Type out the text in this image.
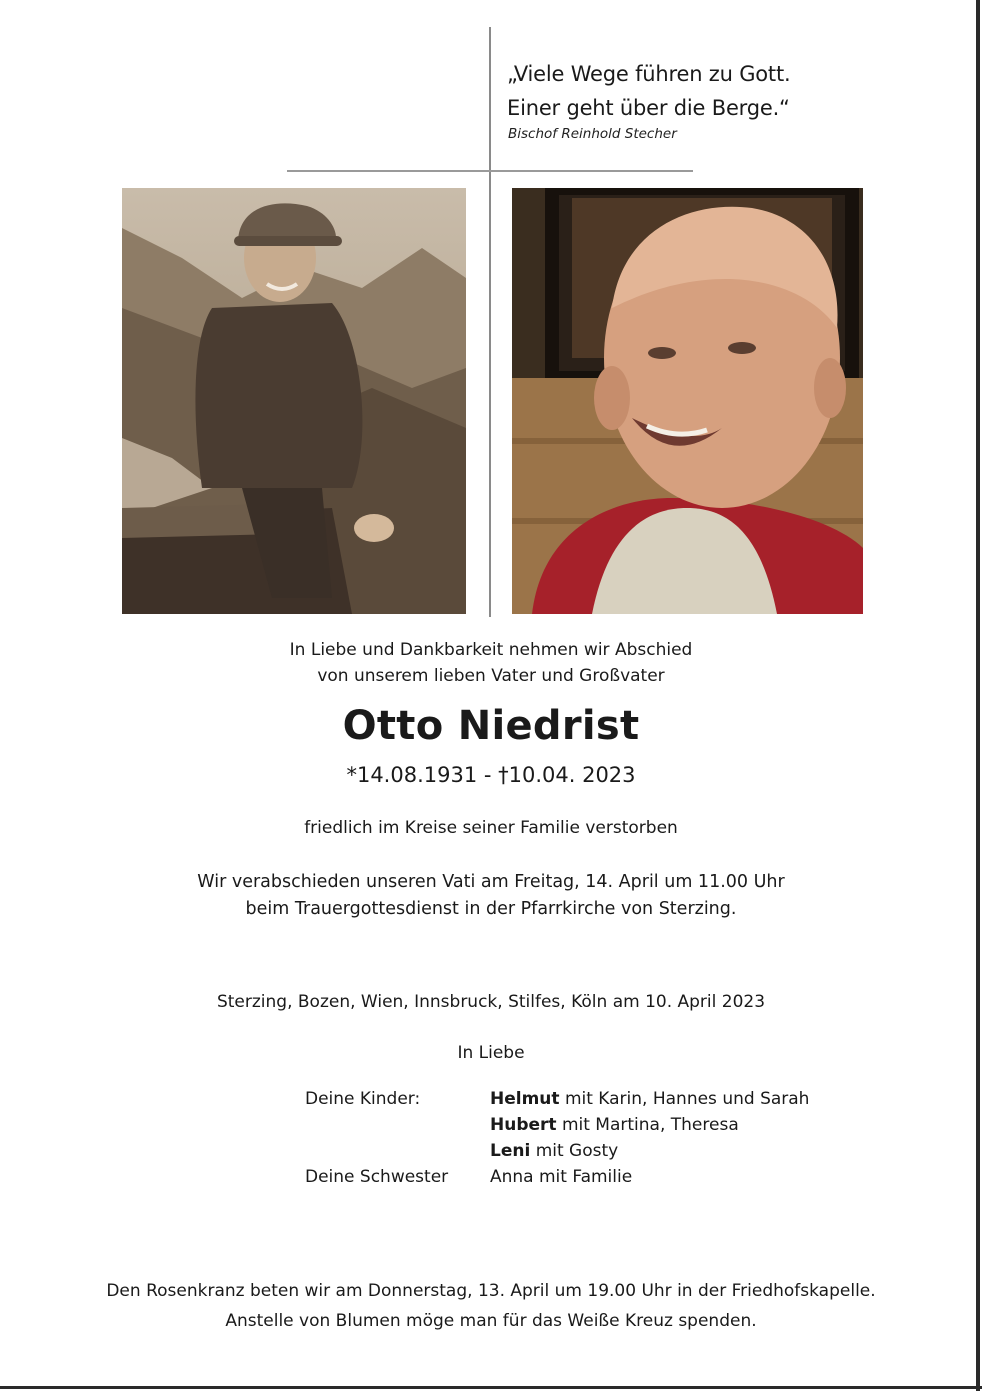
„Viele Wege führen zu Gott.
Einer geht über die Berge.“
Bischof Reinhold Stecher
In Liebe und Dankbarkeit nehmen wir Abschied
von unserem lieben Vater und Großvater
Otto Niedrist
*14.08.1931 - †10.04. 2023
friedlich im Kreise seiner Familie verstorben
Wir verabschieden unseren Vati am Freitag, 14. April um 11.00 Uhr
beim Trauergottesdienst in der Pfarrkirche von Sterzing.
Sterzing, Bozen, Wien, Innsbruck, Stilfes, Köln am 10. April 2023
In Liebe
Deine Kinder:	Helmut mit Karin, Hannes und Sarah
Hubert mit Martina, Theresa
Leni mit Gosty
Deine Schwester Anna mit Familie
Den Rosenkranz beten wir am Donnerstag, 13. April um 19.00 Uhr in der Friedhofskapelle.
Anstelle von Blumen möge man für das Weiße Kreuz spenden.
